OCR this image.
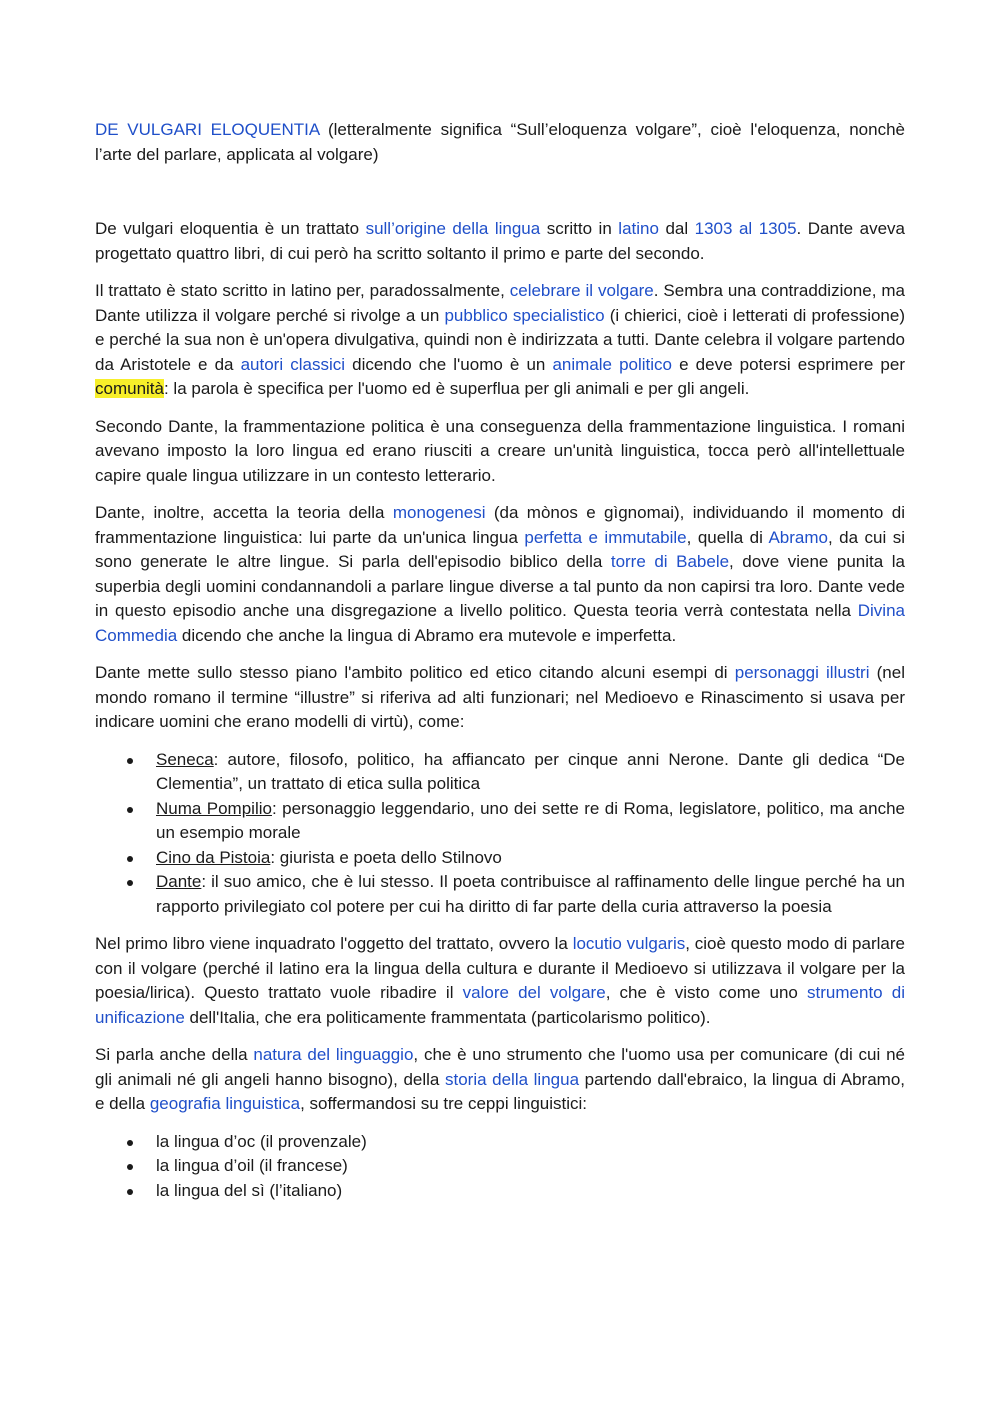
DE VULGARI ELOQUENTIA (letteralmente significa “Sull’eloquenza volgare”, cioè l'eloquenza, nonchè l’arte del parlare, applicata al volgare)

De vulgari eloquentia è un trattato sull’origine della lingua scritto in latino dal 1303 al 1305. Dante aveva progettato quattro libri, di cui però ha scritto soltanto il primo e parte del secondo.

Il trattato è stato scritto in latino per, paradossalmente, celebrare il volgare. Sembra una contraddizione, ma Dante utilizza il volgare perché si rivolge a un pubblico specialistico (i chierici, cioè i letterati di professione) e perché la sua non è un'opera divulgativa, quindi non è indirizzata a tutti. Dante celebra il volgare partendo da Aristotele e da autori classici dicendo che l'uomo è un animale politico e deve potersi esprimere per comunità: la parola è specifica per l'uomo ed è superflua per gli animali e per gli angeli.

Secondo Dante, la frammentazione politica è una conseguenza della frammentazione linguistica. I romani avevano imposto la loro lingua ed erano riusciti a creare un'unità linguistica, tocca però all'intellettuale capire quale lingua utilizzare in un contesto letterario.

Dante, inoltre, accetta la teoria della monogenesi (da mònos e gìgnomai), individuando il momento di frammentazione linguistica: lui parte da un'unica lingua perfetta e immutabile, quella di Abramo, da cui si sono generate le altre lingue. Si parla dell'episodio biblico della torre di Babele, dove viene punita la superbia degli uomini condannandoli a parlare lingue diverse a tal punto da non capirsi tra loro. Dante vede in questo episodio anche una disgregazione a livello politico. Questa teoria verrà contestata nella Divina Commedia dicendo che anche la lingua di Abramo era mutevole e imperfetta.

Dante mette sullo stesso piano l'ambito politico ed etico citando alcuni esempi di personaggi illustri (nel mondo romano il termine “illustre” si riferiva ad alti funzionari; nel Medioevo e Rinascimento si usava per indicare uomini che erano modelli di virtù), come:

Seneca: autore, filosofo, politico, ha affiancato per cinque anni Nerone. Dante gli dedica “De Clementia”, un trattato di etica sulla politica
Numa Pompilio: personaggio leggendario, uno dei sette re di Roma, legislatore, politico, ma anche un esempio morale
Cino da Pistoia: giurista e poeta dello Stilnovo
Dante: il suo amico, che è lui stesso. Il poeta contribuisce al raffinamento delle lingue perché ha un rapporto privilegiato col potere per cui ha diritto di far parte della curia attraverso la poesia

Nel primo libro viene inquadrato l'oggetto del trattato, ovvero la locutio vulgaris, cioè questo modo di parlare con il volgare (perché il latino era la lingua della cultura e durante il Medioevo si utilizzava il volgare per la poesia/lirica). Questo trattato vuole ribadire il valore del volgare, che è visto come uno strumento di unificazione dell'Italia, che era politicamente frammentata (particolarismo politico).

Si parla anche della natura del linguaggio, che è uno strumento che l'uomo usa per comunicare (di cui né gli animali né gli angeli hanno bisogno), della storia della lingua partendo dall'ebraico, la lingua di Abramo, e della geografia linguistica, soffermandosi su tre ceppi linguistici:

la lingua d’oc (il provenzale)
la lingua d’oil (il francese)
la lingua del sì (l’italiano)
